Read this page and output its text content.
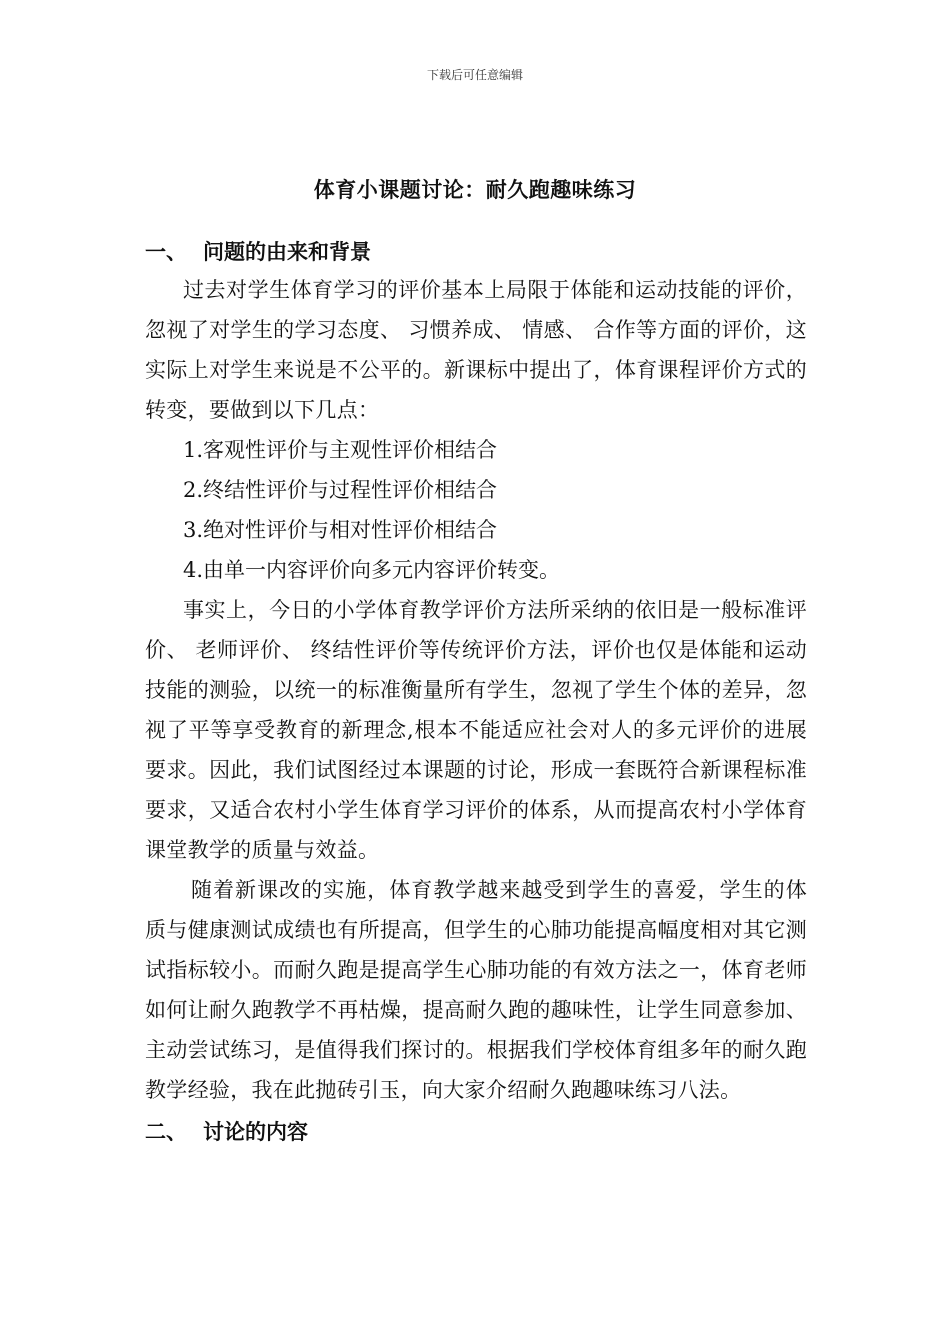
下载后可任意编辑
体育小课题讨论：耐久跑趣味练习
一、 问题的由来和背景

过去对学生体育学习的评价基本上局限于体能和运动技能的评价，忽视了对学生的学习态度、 习惯养成、 情感、 合作等方面的评价，这实际上对学生来说是不公平的。新课标中提出了，体育课程评价方式的转变，要做到以下几点：

1.客观性评价与主观性评价相结合

2.终结性评价与过程性评价相结合

3.绝对性评价与相对性评价相结合

4.由单一内容评价向多元内容评价转变。

事实上，今日的小学体育教学评价方法所采纳的依旧是一般标准评价、 老师评价、 终结性评价等传统评价方法，评价也仅是体能和运动技能的测验，以统一的标准衡量所有学生，忽视了学生个体的差异，忽视了平等享受教育的新理念,根本不能适应社会对人的多元评价的进展要求。因此，我们试图经过本课题的讨论，形成一套既符合新课程标准要求，又适合农村小学生体育学习评价的体系，从而提高农村小学体育课堂教学的质量与效益。

随着新课改的实施，体育教学越来越受到学生的喜爱，学生的体质与健康测试成绩也有所提高，但学生的心肺功能提高幅度相对其它测试指标较小。而耐久跑是提高学生心肺功能的有效方法之一，体育老师如何让耐久跑教学不再枯燥，提高耐久跑的趣味性，让学生同意参加、 主动尝试练习，是值得我们探讨的。根据我们学校体育组多年的耐久跑教学经验，我在此抛砖引玉，向大家介绍耐久跑趣味练习八法。

二、 讨论的内容
